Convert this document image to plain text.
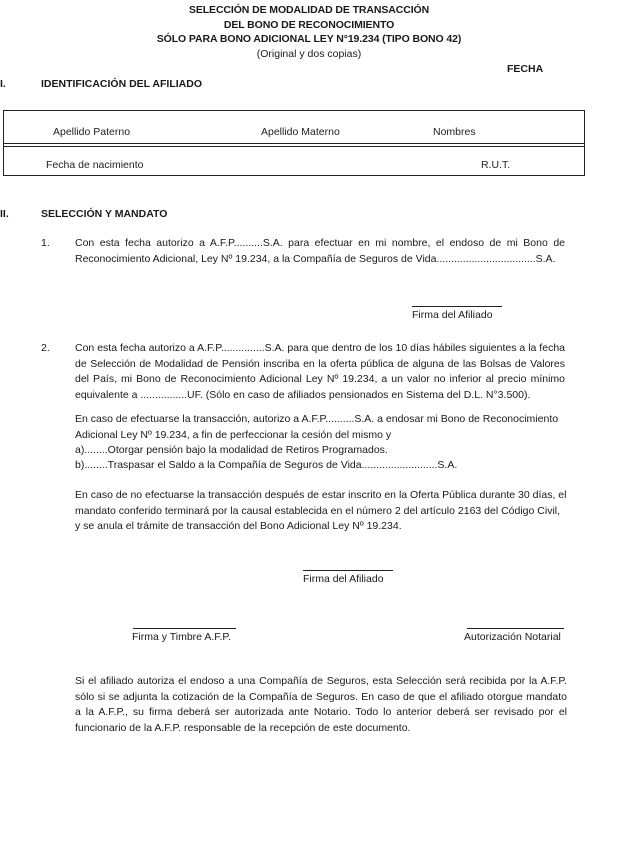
SELECCIÓN DE MODALIDAD DE TRANSACCIÓN
DEL BONO DE RECONOCIMIENTO
SÓLO PARA BONO ADICIONAL LEY N°19.234 (TIPO BONO 42)
(Original y dos copias)
FECHA
I.	IDENTIFICACIÓN DEL AFILIADO
Apellido Paterno	Apellido Materno	Nombres
Fecha de nacimiento	R.U.T.
II.	SELECCIÓN Y MANDATO
1. Con esta fecha autorizo a A.F.P..........S.A. para efectuar en mi nombre, el endoso de mi Bono de Reconocimiento Adicional, Ley Nº 19.234, a la Compañía de Seguros de Vida..................................S.A.
Firma del Afiliado
2. Con esta fecha autorizo a A.F.P...............S.A. para que dentro de los 10 días hábiles siguientes a la fecha de Selección de Modalidad de Pensión inscriba en la oferta pública de alguna de las Bolsas de Valores del País, mi Bono de Reconocimiento Adicional Ley Nº 19.234, a un valor no inferior al precio mínimo equivalente a ................UF. (Sólo en caso de afiliados pensionados en Sistema del D.L. N°3.500).
En caso de efectuarse la transacción, autorizo a A.F.P..........S.A. a endosar mi Bono de Reconocimiento Adicional Ley Nº 19.234, a fin de perfeccionar la cesión del mismo y
a)........Otorgar pensión bajo la modalidad de Retiros Programados.
b)........Traspasar el Saldo a la Compañía de Seguros de Vida..........................S.A.
En caso de no efectuarse la transacción después de estar inscrito en la Oferta Pública durante 30 días, el mandato conferido terminará por la causal establecida en el número 2 del artículo 2163 del Código Civil, y se anula el trámite de transacción del Bono Adicional Ley Nº 19.234.
Firma del Afiliado
Firma y Timbre A.F.P.	Autorización Notarial
Si el afiliado autoriza el endoso a una Compañía de Seguros, esta Selección será recibida por la A.F.P. sólo si se adjunta la cotización de la Compañía de Seguros. En caso de que el afiliado otorgue mandato a la A.F.P., su firma deberá ser autorizada ante Notario. Todo lo anterior deberá ser revisado por el funcionario de la A.F.P. responsable de la recepción de este documento.
